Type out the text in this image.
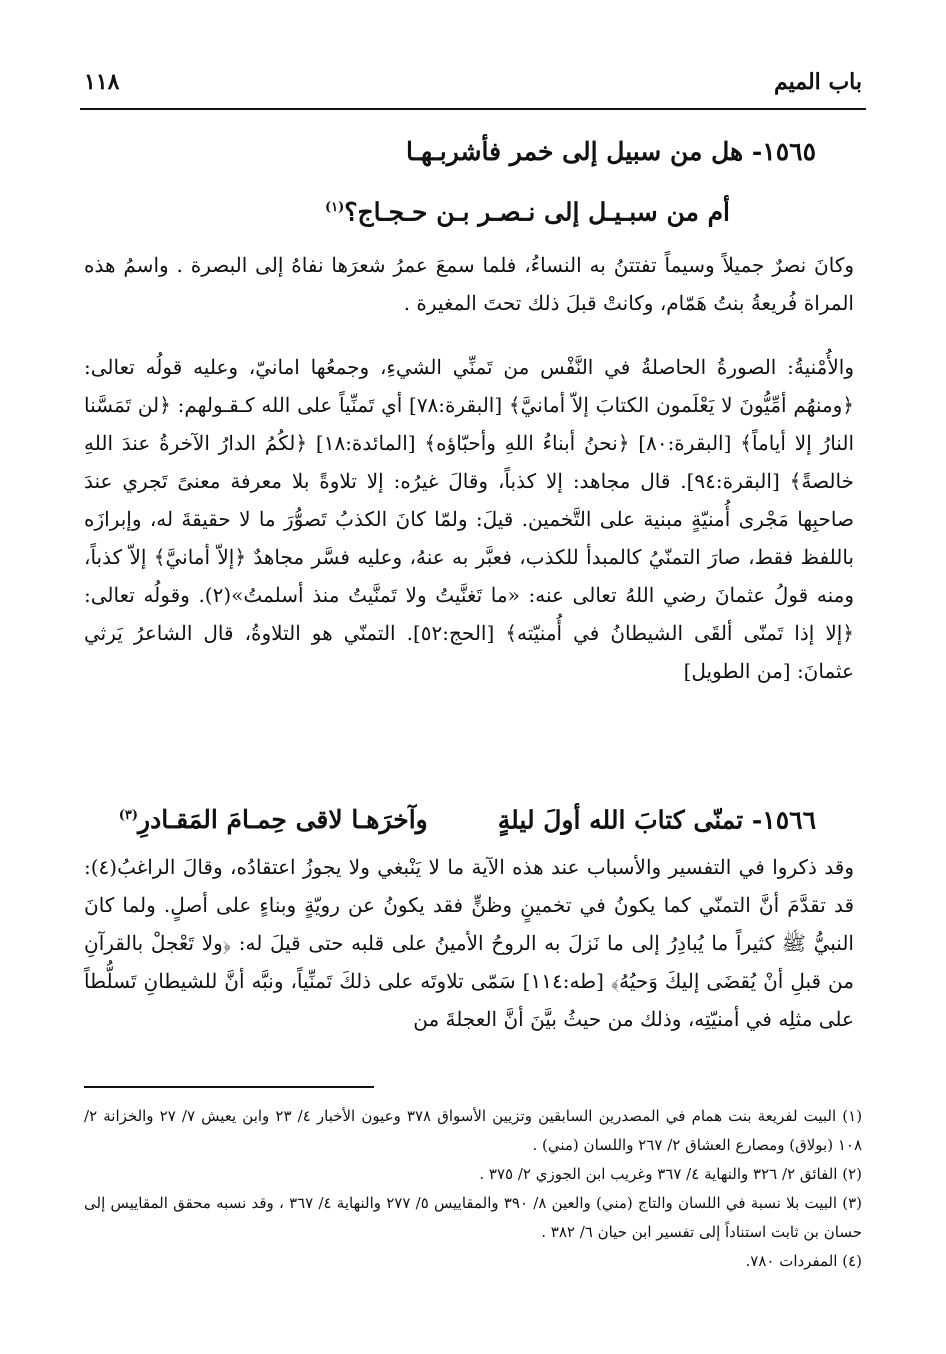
باب الميم
١١٨
١٥٦٥- هل من سبيل إلى خمر فأشربـهـا
أم من سبـيـل إلى نـصـر بـن حـجـاج؟$^{(١)}$

وكانَ نصرٌ جميلاً وسيماً تفتتنُ به النساءُ، فلما سمعَ عمرُ شعرَها نفاهُ إلى البصرة . واسمُ هذه المراة فُريعةُ بنتُ هَمّام، وكانتْ قبلَ ذلك تحتَ المغيرة .

والأُمْنيةُ: الصورةُ الحاصلةُ في النَّفْس من تَمنِّي الشيءِ، وجمعُها امانيّ، وعليه قولُه تعالى: ﴿ومنهُم أمِّيُّونَ لا يَعْلَمون الكتابَ إلاّ أمانيَّ﴾ [البقرة:٧٨] أي تَمنِّياً على الله كـقـولهم: ﴿لن تَمَسَّنا النارُ إلا أياماً﴾ [البقرة:٨٠] ﴿نحنُ أبناءُ اللهِ وأحبّاؤه﴾ [المائدة:١٨] ﴿لكُمُ الدارُ الآخرةُ عندَ اللهِ خالصةً﴾ [البقرة:٩٤]. قال مجاهد: إلا كذباً، وقالَ غيرُه: إلا تلاوةً بلا معرفة معنىً تَجري عندَ صاحبِها مَجْرى أُمنيّةٍ مبنية على التَّخمين. قيلَ: ولمّا كانَ الكذبُ تَصوُّرَ ما لا حقيقةَ له، وإبرازَه باللفظ فقط، صارَ التمنّيُ كالمبدأ للكذب، فعبَّر به عنهُ، وعليه فسَّر مجاهدٌ ﴿إلاّ أمانيَّ﴾ إلاّ كذباً، ومنه قولُ عثمانَ رضي اللهُ تعالى عنه: «ما تَغنَّيتُ ولا تَمنَّيتُ منذ أسلمتُ»(٢). وقولُه تعالى: ﴿إلا إذا تَمنّى ألقَى الشيطانُ في أُمنيّته﴾ [الحج:٥٢]. التمنّي هو التلاوةُ، قال الشاعرُ يَرثي عثمانَ: [من الطويل]

١٥٦٦- تمنّى كتابَ الله أولَ ليلةٍوآخرَهـا لاقى حِمـامَ المَقـادرِ$^{(٣)}$

وقد ذكروا في التفسير والأسباب عند هذه الآية ما لا يَنْبغي ولا يجوزُ اعتقادُه، وقالَ الراغبُ(٤): قد تقدَّمَ أنَّ التمنّي كما يكونُ في تخمينٍ وظنٍّ فقد يكونُ عن رويّةٍ وبناءٍ على أصلٍ. ولما كانَ النبيُّ ﷺ كثيراً ما يُبادِرُ إلى ما نَزلَ به الروحُ الأمينُ على قلبه حتى قيلَ له: ﴿ولا تَعْجلْ بالقرآنِ من قبلِ أنْ يُقضَى إليكَ وَحيُهُ﴾ [طه:١١٤] سَمّى تلاوتَه على ذلكَ تَمنِّياً، ونبَّه أنَّ للشيطانِ تَسلُّطاً على مثلِه في أمنيّتِه، وذلك من حيثُ بيَّنَ أنَّ العجلةَ من

(١) البيت لفريعة بنت همام في المصدرين السابقين وتزيين الأسواق ٣٧٨ وعيون الأخبار ٤/ ٢٣ وابن يعيش ٧/ ٢٧ والخزانة ٢/ ١٠٨ (بولاق) ومصارع العشاق ٢/ ٢٦٧ واللسان (مني) .

(٢) الفائق ٢/ ٣٢٦ والنهاية ٤/ ٣٦٧ وغريب ابن الجوزي ٢/ ٣٧٥ .

(٣) البيت بلا نسبة في اللسان والتاج (مني) والعين ٨/ ٣٩٠ والمقاييس ٥/ ٢٧٧ والنهاية ٤/ ٣٦٧ ، وقد نسبه محقق المقاييس إلى حسان بن ثابت استناداً إلى تفسير ابن حيان ٦/ ٣٨٢ .

(٤) المفردات ٧٨٠.
